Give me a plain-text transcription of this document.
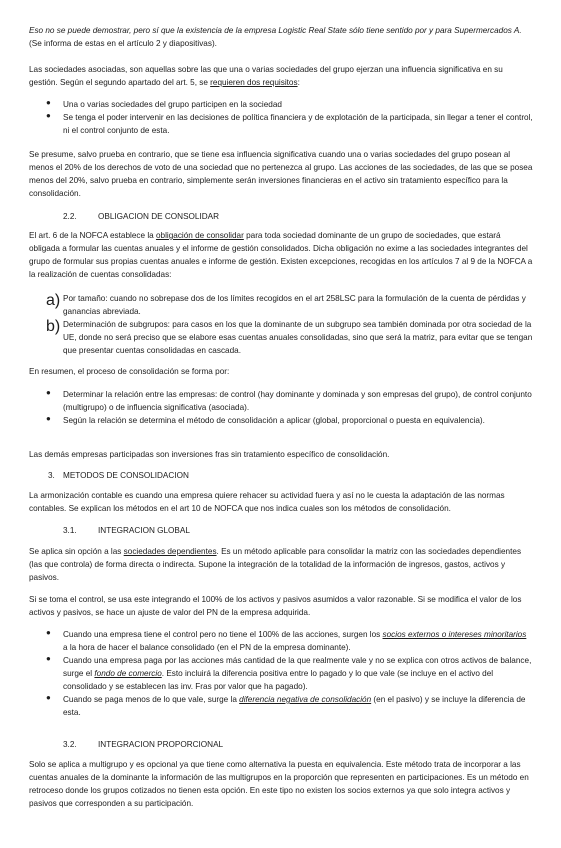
Eso no se puede demostrar, pero sí que la existencia de la empresa Logistic Real State sólo tiene sentido por y para Supermercados A. (Se informa de estas en el artículo 2 y diapositivas).

Las sociedades asociadas, son aquellas sobre las que una o varias sociedades del grupo ejerzan una influencia significativa en su gestión. Según el segundo apartado del art. 5, se requieren dos requisitos:

● Una o varias sociedades del grupo participen en la sociedad

● Se tenga el poder intervenir en las decisiones de política financiera y de explotación de la participada, sin llegar a tener el control, ni el control conjunto de esta.

Se presume, salvo prueba en contrario, que se tiene esa influencia significativa cuando una o varias sociedades del grupo posean al menos el 20% de los derechos de voto de una sociedad que no pertenezca al grupo. Las acciones de las sociedades, de las que se posea menos del 20%, salvo prueba en contrario, simplemente serán inversiones financieras en el activo sin tratamiento específico para la consolidación.

2.2.	OBLIGACION DE CONSOLIDAR

El art. 6 de la NOFCA establece la obligación de consolidar para toda sociedad dominante de un grupo de sociedades, que estará obligada a formular las cuentas anuales y el informe de gestión consolidados. Dicha obligación no exime a las sociedades integrantes del grupo de formular sus propias cuentas anuales e informe de gestión. Existen excepciones, recogidas en los artículos 7 al 9 de la NOFCA a la realización de cuentas consolidadas:

a) Por tamaño: cuando no sobrepase dos de los límites recogidos en el art 258LSC para la formulación de la cuenta de pérdidas y ganancias abreviada.

b) Determinación de subgrupos: para casos en los que la dominante de un subgrupo sea también dominada por otra sociedad de la UE, donde no será preciso que se elabore esas cuentas anuales consolidadas, sino que será la matriz, para evitar que se tengan que presentar cuentas consolidadas en cascada.

En resumen, el proceso de consolidación se forma por:

● Determinar la relación entre las empresas: de control (hay dominante y dominada y son empresas del grupo), de control conjunto (multigrupo) o de influencia significativa (asociada).

● Según la relación se determina el método de consolidación a aplicar (global, proporcional o puesta en equivalencia).

Las demás empresas participadas son inversiones fras sin tratamiento específico de consolidación.

3. METODOS DE CONSOLIDACION

La armonización contable es cuando una empresa quiere rehacer su actividad fuera y así no le cuesta la adaptación de las normas contables. Se explican los métodos en el art 10 de NOFCA que nos indica cuales son los métodos de consolidación.

3.1.	INTEGRACION GLOBAL

Se aplica sin opción a las sociedades dependientes. Es un método aplicable para consolidar la matriz con las sociedades dependientes (las que controla) de forma directa o indirecta. Supone la integración de la totalidad de la información de ingresos, gastos, activos y pasivos.

Si se toma el control, se usa este integrando el 100% de los activos y pasivos asumidos a valor razonable. Si se modifica el valor de los activos y pasivos, se hace un ajuste de valor del PN de la empresa adquirida.

● Cuando una empresa tiene el control pero no tiene el 100% de las acciones, surgen los socios externos o intereses minoritarios a la hora de hacer el balance consolidado (en el PN de la empresa dominante).

● Cuando una empresa paga por las acciones más cantidad de la que realmente vale y no se explica con otros activos de balance, surge el fondo de comercio. Esto incluirá la diferencia positiva entre lo pagado y lo que vale (se incluye en el activo del consolidado y se establecen las inv. Fras por valor que ha pagado).

● Cuando se paga menos de lo que vale, surge la diferencia negativa de consolidación (en el pasivo) y se incluye la diferencia de esta.

3.2.	INTEGRACION PROPORCIONAL

Solo se aplica a multigrupo y es opcional ya que tiene como alternativa la puesta en equivalencia. Este método trata de incorporar a las cuentas anuales de la dominante la información de las multigrupos en la proporción que representen en participaciones. Es un método en retroceso donde los grupos cotizados no tienen esta opción. En este tipo no existen los socios externos ya que solo integra activos y pasivos que corresponden a su participación.
